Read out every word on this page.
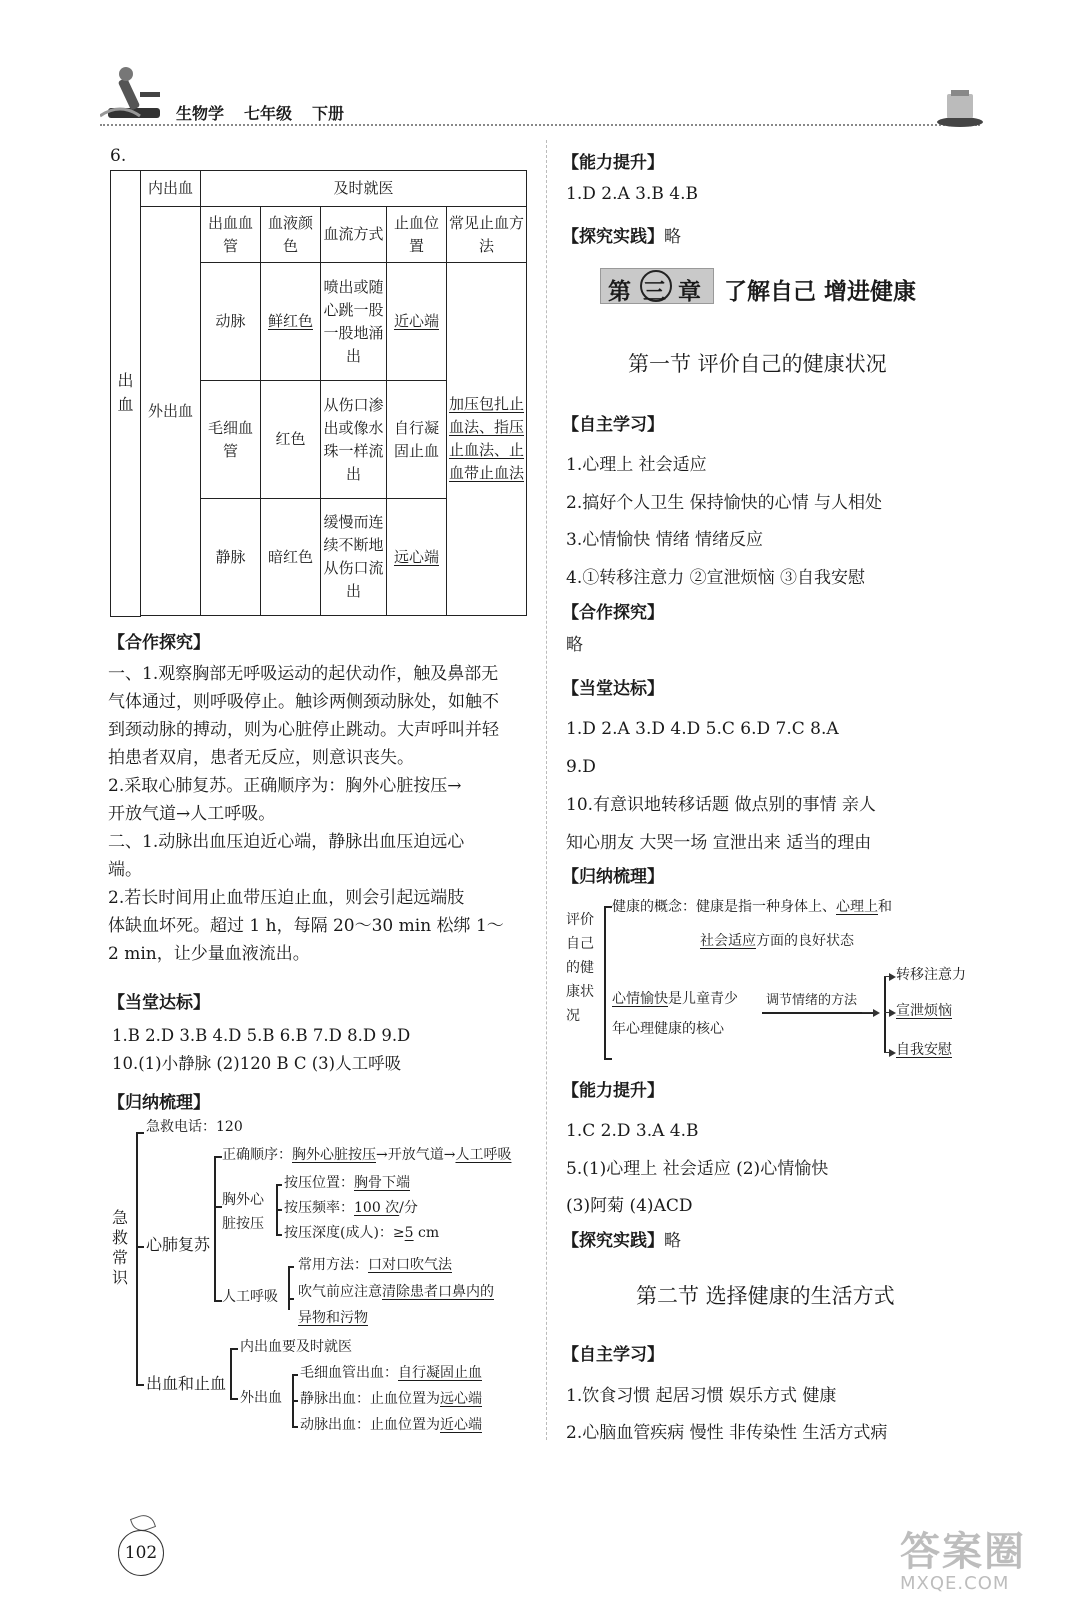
生物学 七年级 下册
6.
出血	内出血	及时就医				
	外出血	出血血管	血液颜色	血流方式	止血位置	常见止血方法
		动脉	鲜红色	喷出或随心跳一股一股地涌出	近心端	加压包扎止血法、指压止血法、止血带止血法
		毛细血管	红色	从伤口渗出或像水珠一样流出	自行凝固止血	
		静脉	暗红色	缓慢而连续不断地从伤口流出	远心端	

【合作探究】
一、1.观察胸部无呼吸运动的起伏动作，触及鼻部无
气体通过，则呼吸停止。触诊两侧颈动脉处，如触不
到颈动脉的搏动，则为心脏停止跳动。大声呼叫并轻
拍患者双肩，患者无反应，则意识丧失。
2.采取心肺复苏。正确顺序为：胸外心脏按压→
开放气道→人工呼吸。
二、1.动脉出血压迫近心端，静脉出血压迫远心
端。
2.若长时间用止血带压迫止血，则会引起远端肢
体缺血坏死。超过 1 h，每隔 20～30 min 松绑 1～
2 min，让少量血液流出。
【当堂达标】
1.B 2.D 3.B 4.D 5.B 6.B 7.D 8.D 9.D
10.(1)小静脉 (2)120 B C (3)人工呼吸
【归纳梳理】
急救常识
急救电话：120
心肺复苏
正确顺序：胸外心脏按压→开放气道→人工呼吸
胸外心脏按压
按压位置：胸骨下端
按压频率：100 次/分
按压深度(成人)：≥5 cm
人工呼吸
常用方法：口对口吹气法
吹气前应注意清除患者口鼻内的
异物和污物
出血和止血
内出血要及时就医
外出血
毛细血管出血：自行凝固止血
静脉出血：止血位置为远心端
动脉出血：止血位置为近心端
102
【能力提升】
1.D 2.A 3.B 4.B
【探究实践】略
第 三 章 了解自己 增进健康
第一节 评价自己的健康状况
【自主学习】
1.心理上 社会适应
2.搞好个人卫生 保持愉快的心情 与人相处
3.心情愉快 情绪 情绪反应
4.①转移注意力 ②宣泄烦恼 ③自我安慰
【合作探究】
略
【当堂达标】
1.D 2.A 3.D 4.D 5.C 6.D 7.C 8.A
9.D
10.有意识地转移话题 做点别的事情 亲人
知心朋友 大哭一场 宣泄出来 适当的理由
【归纳梳理】
评价自己的健康状况
健康的概念：健康是指一种身体上、心理上和
社会适应方面的良好状态
心情愉快是儿童青少
年心理健康的核心
调节情绪的方法
转移注意力
宣泄烦恼
自我安慰
【能力提升】
1.C 2.D 3.A 4.B
5.(1)心理上 社会适应 (2)心情愉快
(3)阿菊 (4)ACD
【探究实践】略
第二节 选择健康的生活方式
【自主学习】
1.饮食习惯 起居习惯 娱乐方式 健康
2.心脑血管疾病 慢性 非传染性 生活方式病
答案圈
MXQE.COM
